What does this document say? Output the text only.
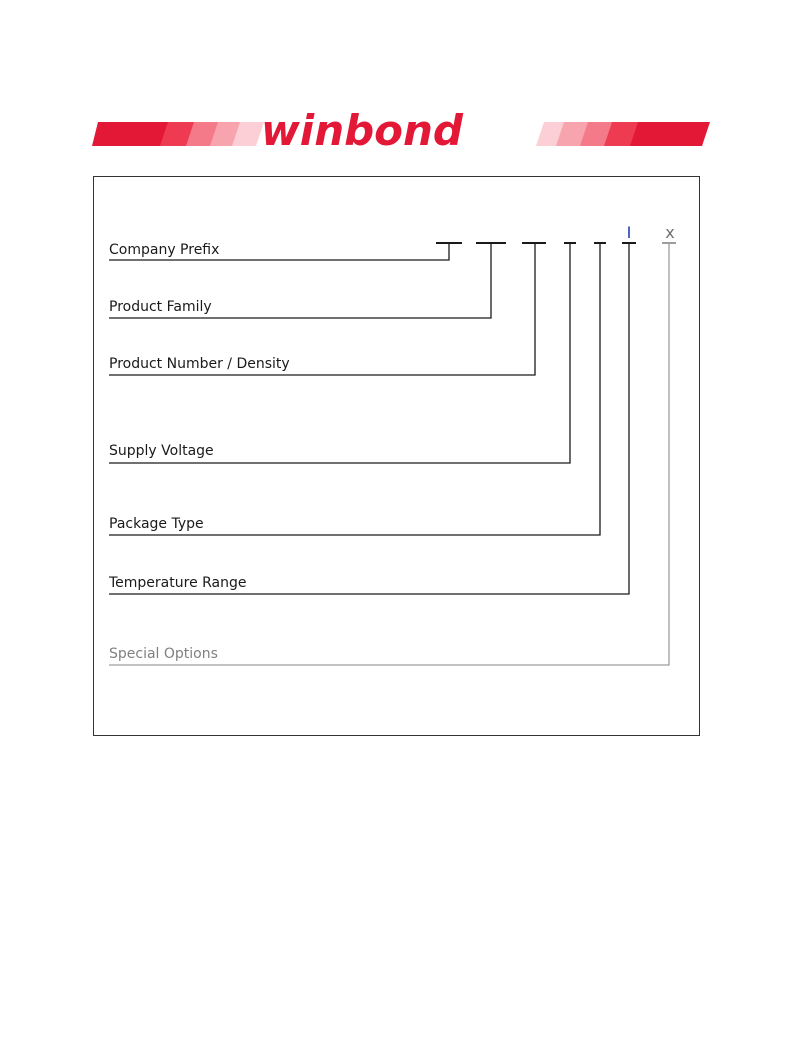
winbond
I x
Company Prefix
Product Family
Product Number / Density
Supply Voltage
Package Type
Temperature Range
Special Options
